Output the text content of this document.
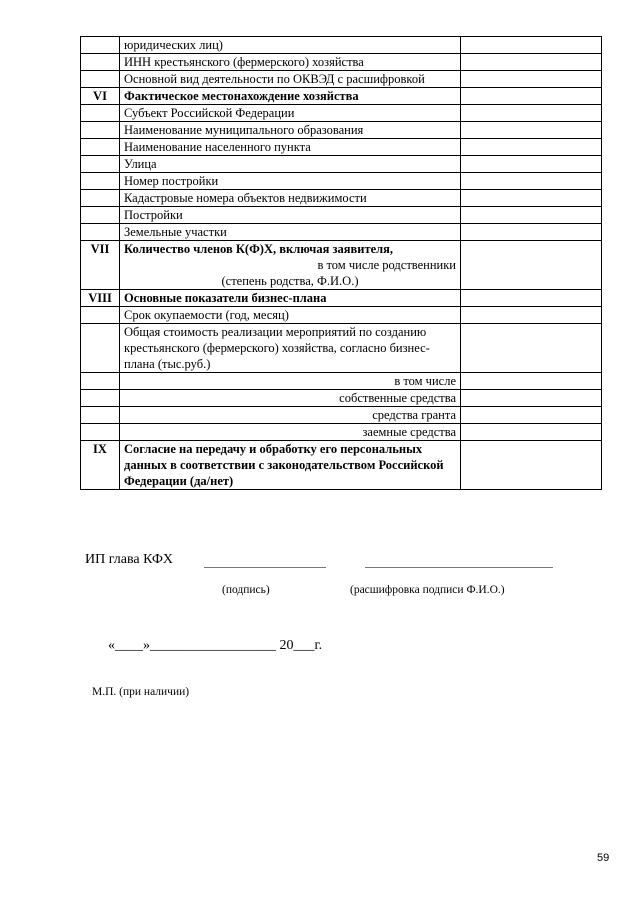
	юридических лиц)	
	ИНН крестьянского (фермерского) хозяйства	
	Основной вид деятельности по ОКВЭД с расшифровкой	
VI	Фактическое местонахождение хозяйства	
	Субъект Российской Федерации	
	Наименование муниципального образования	
	Наименование населенного пункта	
	Улица	
	Номер постройки	
	Кадастровые номера объектов недвижимости	
	Постройки	
	Земельные участки	
VII	Количество членов К(Ф)Х, включая заявителя,
в том числе родственники
(степень родства, Ф.И.О.)	

VIII	Основные показатели бизнес-плана	
	Срок окупаемости (год, месяц)	
	Общая стоимость реализации мероприятий по созданию крестьянского (фермерского) хозяйства, согласно бизнес-плана (тыс.руб.)	
	в том числе	
	собственные средства	
	средства гранта	
	заемные средства	
IX	Согласие на передачу и обработку его персональных данных в соответствии с законодательством Российской Федерации (да/нет)	
ИП глава КФХ
(подпись)	(расшифровка подписи Ф.И.О.)
«____»__________________ 20___г.
М.П. (при наличии)
59
